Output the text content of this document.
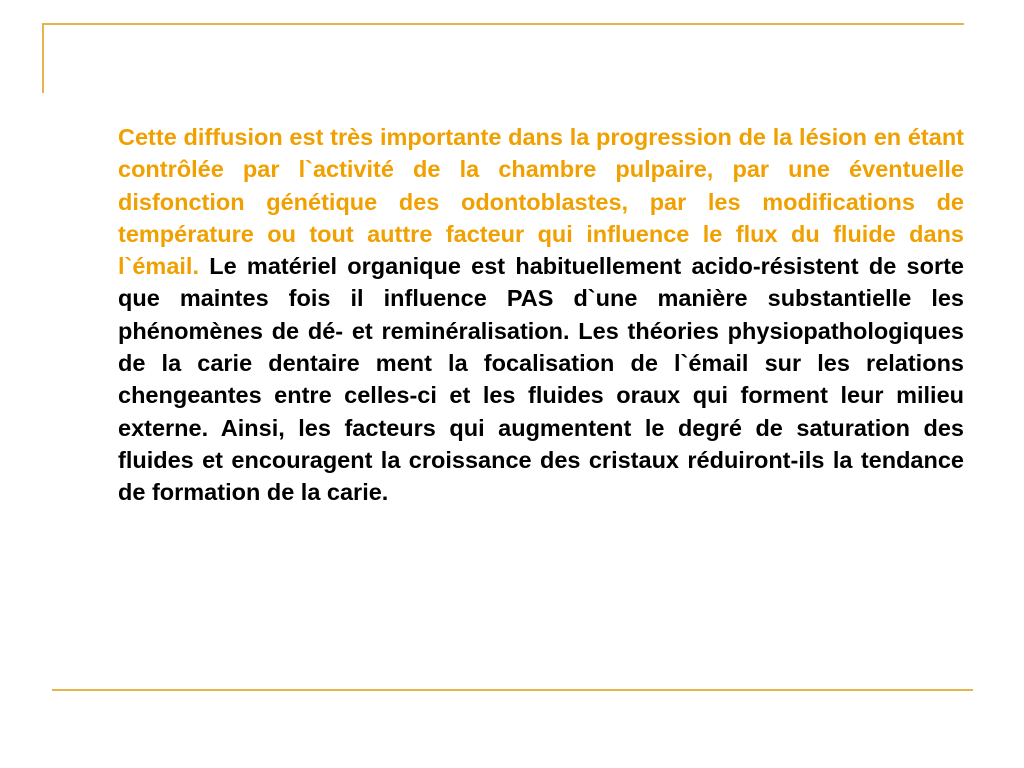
Cette diffusion est très importante dans la progression de la lésion en étant contrôlée par l`activité de la chambre pulpaire, par une éventuelle disfonction génétique des odontoblastes, par les modifications de température ou tout auttre facteur qui influence le flux du fluide dans l`émail. Le matériel organique est habituellement acido-résistent de sorte que maintes fois il influence PAS d`une manière substantielle les phénomènes de dé- et reminéralisation. Les théories physiopathologiques de la carie dentaire ment la focalisation de l`émail sur les relations chengeantes entre celles-ci et les fluides oraux qui forment leur milieu externe. Ainsi, les facteurs qui augmentent le degré de saturation des fluides et encouragent la croissance des cristaux réduiront-ils la tendance de formation de la carie.
